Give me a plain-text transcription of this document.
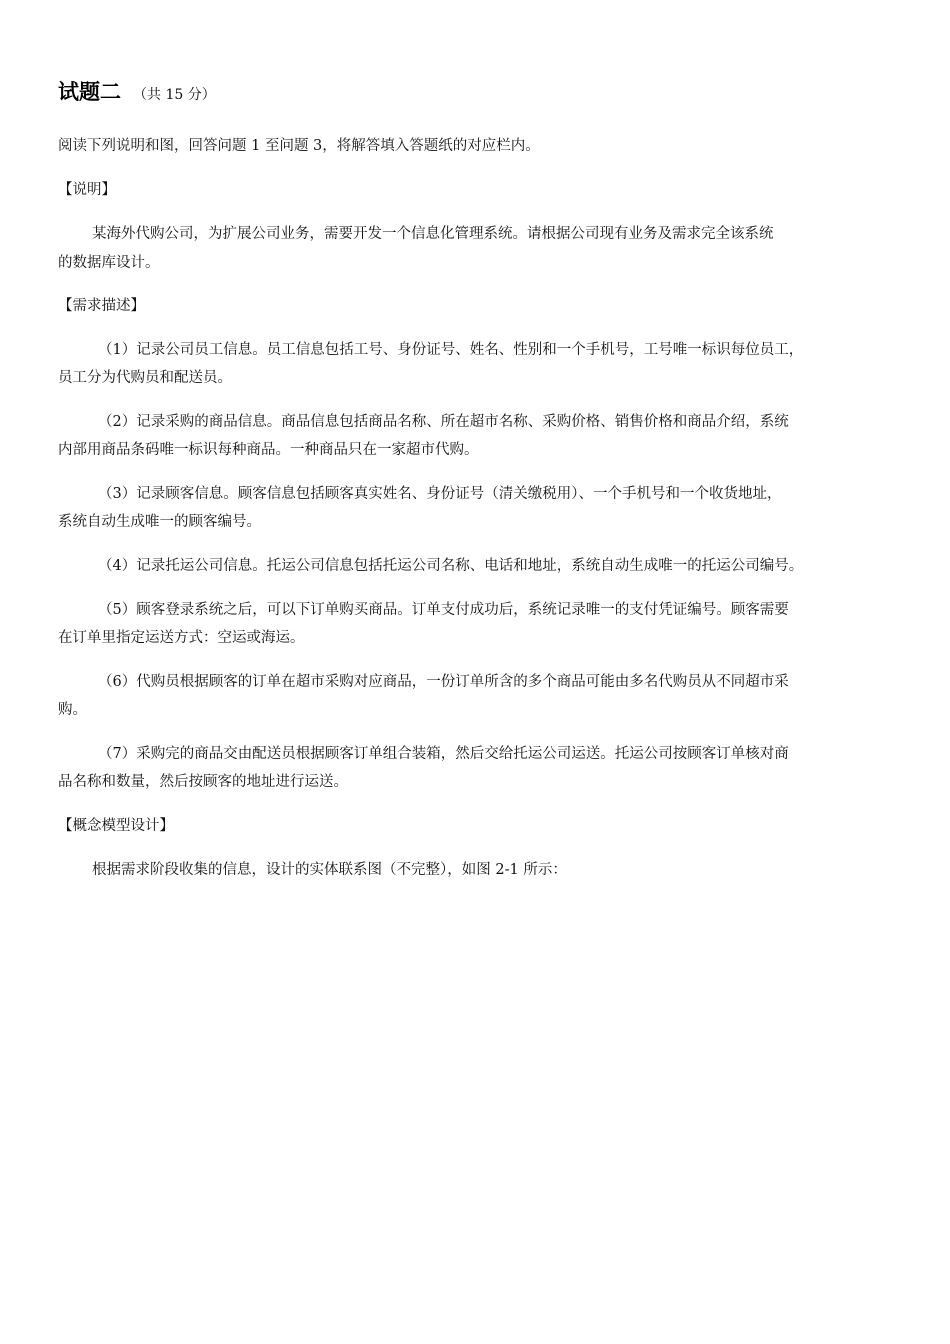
试题二 （共 15 分）
阅读下列说明和图，回答问题 1 至问题 3，将解答填入答题纸的对应栏内。
【说明】
某海外代购公司，为扩展公司业务，需要开发一个信息化管理系统。请根据公司现有业务及需求完全该系统
的数据库设计。
【需求描述】
（1）记录公司员工信息。员工信息包括工号、身份证号、姓名、性别和一个手机号，工号唯一标识每位员工，
员工分为代购员和配送员。
（2）记录采购的商品信息。商品信息包括商品名称、所在超市名称、采购价格、销售价格和商品介绍，系统
内部用商品条码唯一标识每种商品。一种商品只在一家超市代购。
（3）记录顾客信息。顾客信息包括顾客真实姓名、身份证号（清关缴税用）、一个手机号和一个收货地址，
系统自动生成唯一的顾客编号。
（4）记录托运公司信息。托运公司信息包括托运公司名称、电话和地址，系统自动生成唯一的托运公司编号。
（5）顾客登录系统之后，可以下订单购买商品。订单支付成功后，系统记录唯一的支付凭证编号。顾客需要
在订单里指定运送方式：空运或海运。
（6）代购员根据顾客的订单在超市采购对应商品，一份订单所含的多个商品可能由多名代购员从不同超市采
购。
（7）采购完的商品交由配送员根据顾客订单组合装箱，然后交给托运公司运送。托运公司按顾客订单核对商
品名称和数量，然后按顾客的地址进行运送。
【概念模型设计】
根据需求阶段收集的信息，设计的实体联系图（不完整），如图 2-1 所示：
